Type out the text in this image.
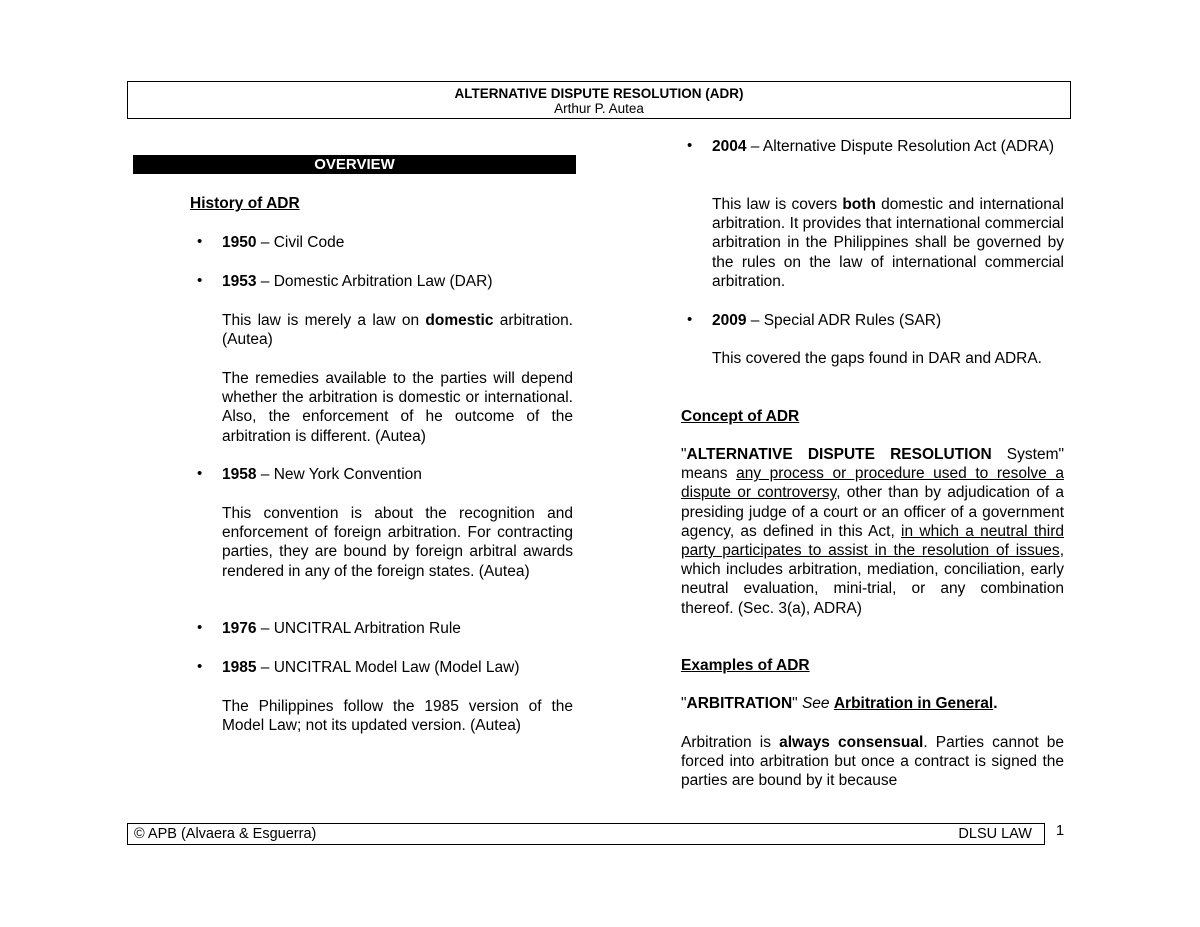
ALTERNATIVE DISPUTE RESOLUTION (ADR)
Arthur P. Autea
OVERVIEW
History of ADR
• 1950 – Civil Code
• 1953 – Domestic Arbitration Law (DAR)
This law is merely a law on domestic arbitration. (Autea)
The remedies available to the parties will depend whether the arbitration is domestic or international. Also, the enforcement of he outcome of the arbitration is different. (Autea)
• 1958 – New York Convention
This convention is about the recognition and enforcement of foreign arbitration. For contracting parties, they are bound by foreign arbitral awards rendered in any of the foreign states. (Autea)
• 1976 – UNCITRAL Arbitration Rule
• 1985 – UNCITRAL Model Law (Model Law)
The Philippines follow the 1985 version of the Model Law; not its updated version. (Autea)
• 2004 – Alternative Dispute Resolution Act (ADRA)
This law is covers both domestic and international arbitration. It provides that international commercial arbitration in the Philippines shall be governed by the rules on the law of international commercial arbitration.
• 2009 – Special ADR Rules (SAR)
This covered the gaps found in DAR and ADRA.
Concept of ADR
"ALTERNATIVE DISPUTE RESOLUTION System" means any process or procedure used to resolve a dispute or controversy, other than by adjudication of a presiding judge of a court or an officer of a government agency, as defined in this Act, in which a neutral third party participates to assist in the resolution of issues, which includes arbitration, mediation, conciliation, early neutral evaluation, mini-trial, or any combination thereof. (Sec. 3(a), ADRA)
Examples of ADR
"ARBITRATION" See Arbitration in General.
Arbitration is always consensual. Parties cannot be forced into arbitration but once a contract is signed the parties are bound by it because
© APB (Alvaera & Esguerra)	DLSU LAW 1
